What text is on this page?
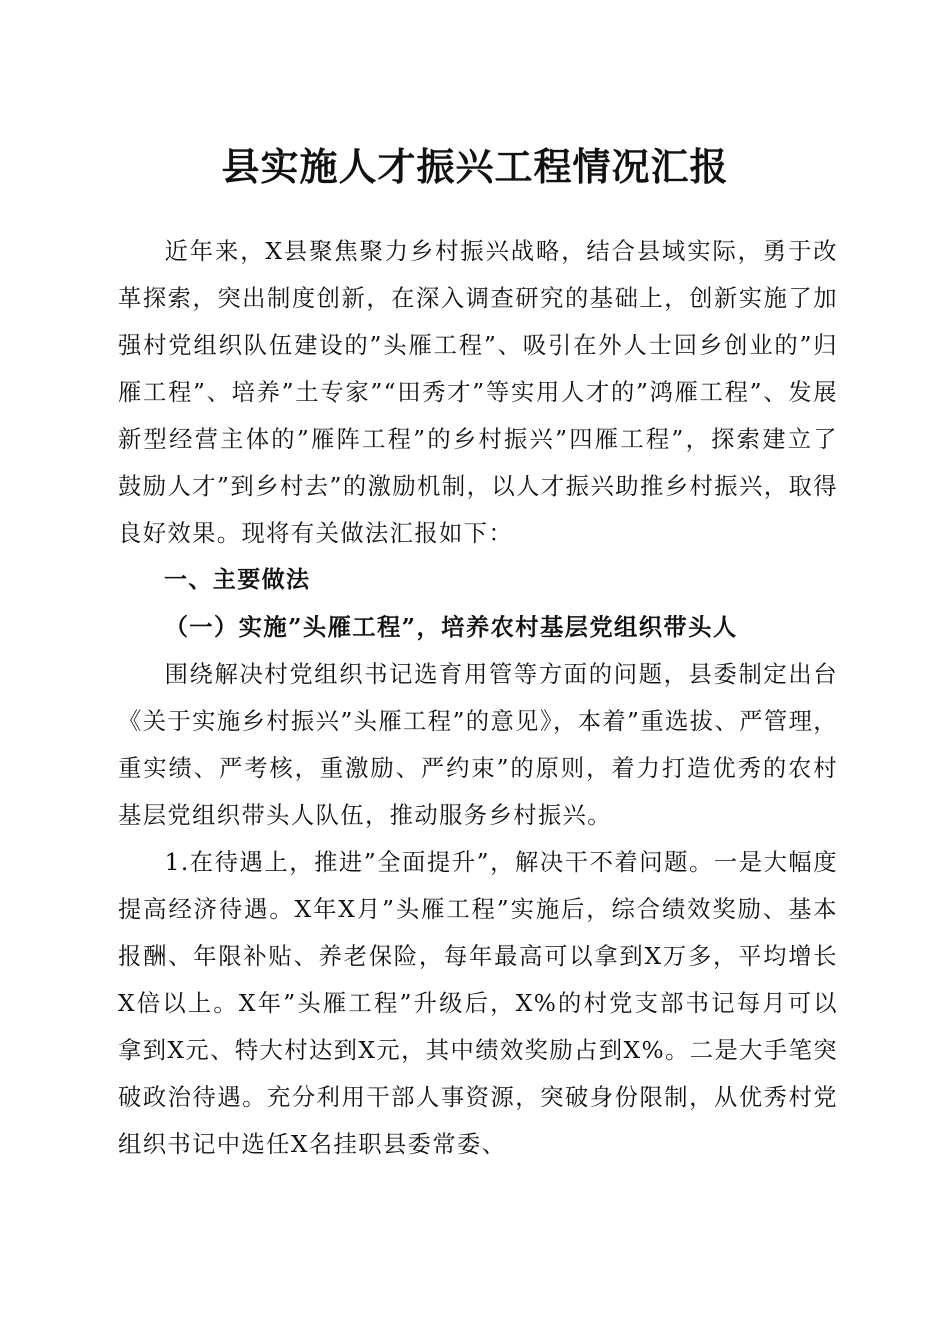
县实施人才振兴工程情况汇报

近年来，X县聚焦聚力乡村振兴战略，结合县域实际，勇于改革探索，突出制度创新，在深入调查研究的基础上，创新实施了加强村党组织队伍建设的”头雁工程”、吸引在外人士回乡创业的”归雁工程”、培养”土专家”“田秀才”等实用人才的”鸿雁工程”、发展新型经营主体的”雁阵工程”的乡村振兴”四雁工程”，探索建立了鼓励人才”到乡村去”的激励机制，以人才振兴助推乡村振兴，取得良好效果。现将有关做法汇报如下：

一、主要做法

（一）实施”头雁工程”，培养农村基层党组织带头人

围绕解决村党组织书记选育用管等方面的问题，县委制定出台《关于实施乡村振兴”头雁工程”的意见》，本着”重选拔、严管理，重实绩、严考核，重激励、严约束”的原则，着力打造优秀的农村基层党组织带头人队伍，推动服务乡村振兴。

1.在待遇上，推进”全面提升”，解决干不着问题。一是大幅度提高经济待遇。X年X月”头雁工程”实施后，综合绩效奖励、基本报酬、年限补贴、养老保险，每年最高可以拿到X万多，平均增长X倍以上。X年”头雁工程”升级后，X%的村党支部书记每月可以拿到X元、特大村达到X元，其中绩效奖励占到X%。二是大手笔突破政治待遇。充分利用干部人事资源，突破身份限制，从优秀村党组织书记中选任X名挂职县委常委、
